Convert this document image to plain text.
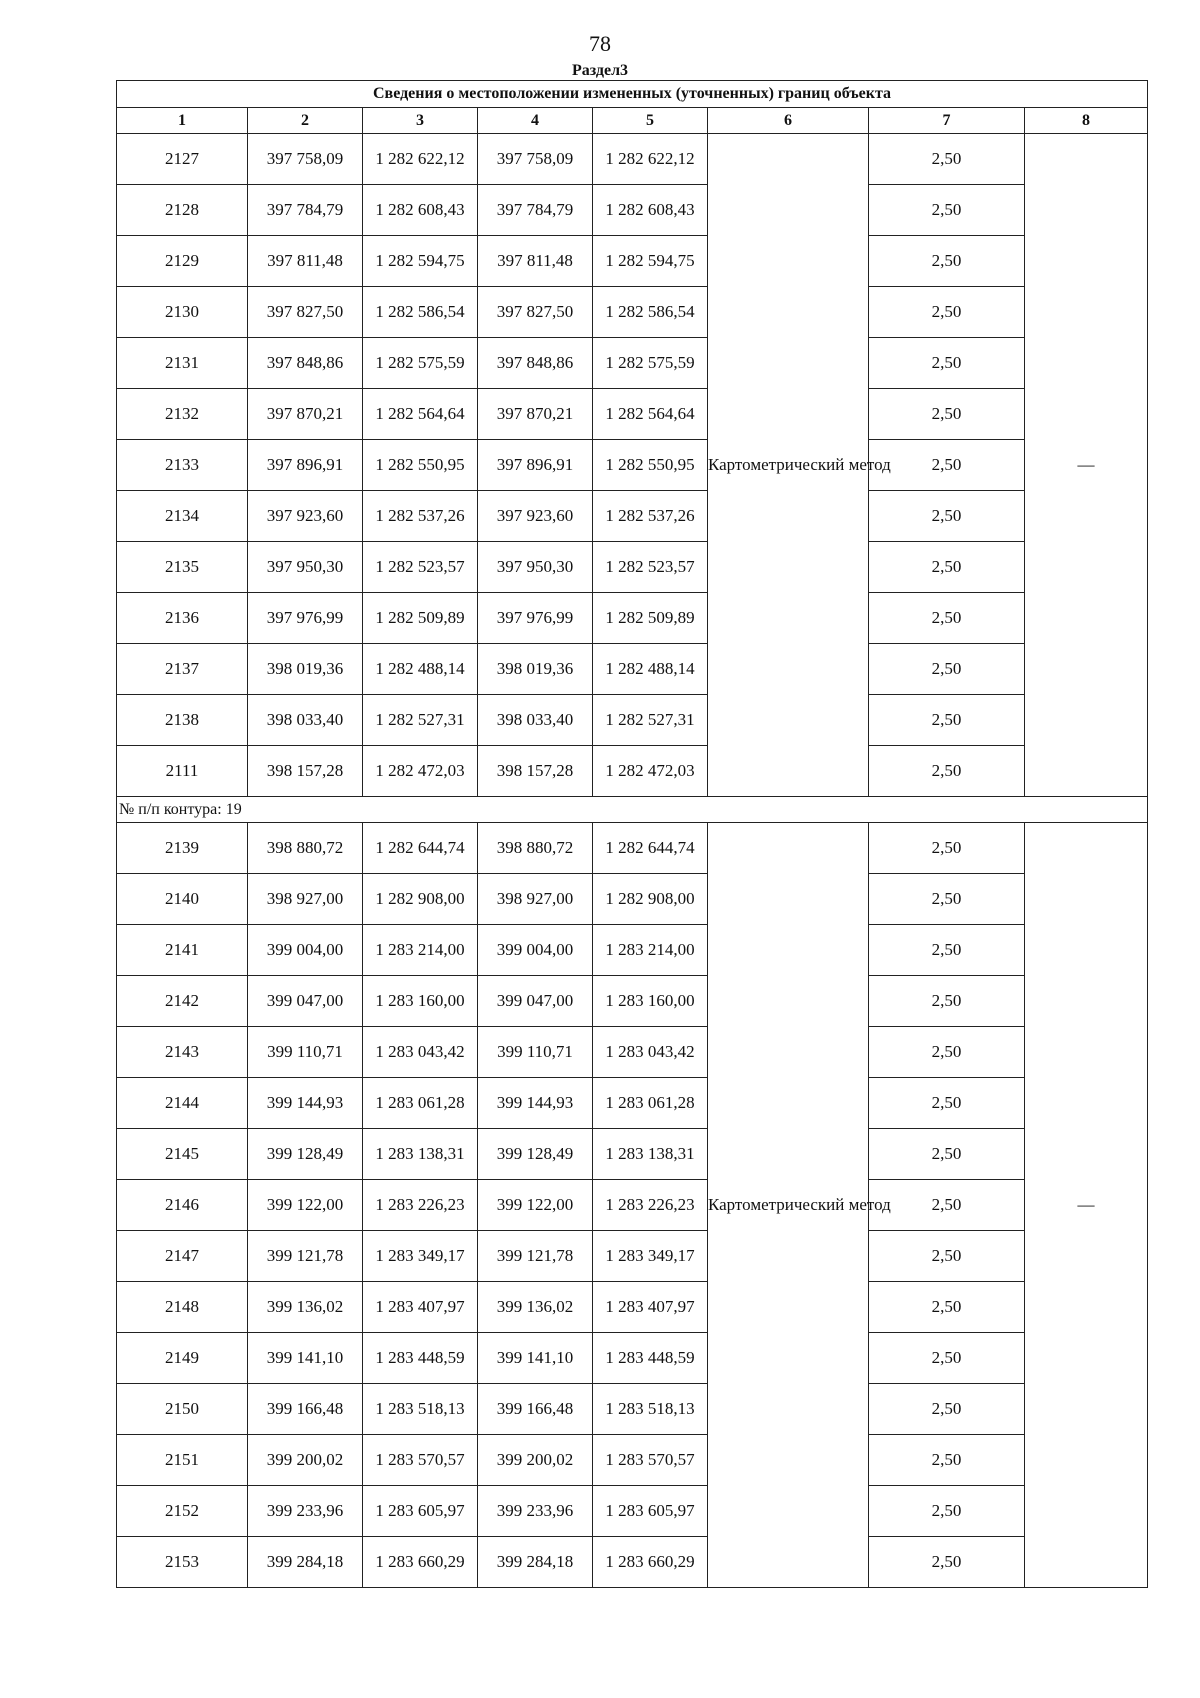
78
Раздел3
Сведения о местоположении измененных (уточненных) границ объекта							
1	2	3	4	5	6	7	8
2127	397 758,09	1 282 622,12	397 758,09	1 282 622,12	Картометрический метод	2,50	—
2128	397 784,79	1 282 608,43	397 784,79	1 282 608,43		2,50	
2129	397 811,48	1 282 594,75	397 811,48	1 282 594,75		2,50	
2130	397 827,50	1 282 586,54	397 827,50	1 282 586,54		2,50	
2131	397 848,86	1 282 575,59	397 848,86	1 282 575,59		2,50	
2132	397 870,21	1 282 564,64	397 870,21	1 282 564,64		2,50	
2133	397 896,91	1 282 550,95	397 896,91	1 282 550,95		2,50	
2134	397 923,60	1 282 537,26	397 923,60	1 282 537,26		2,50	
2135	397 950,30	1 282 523,57	397 950,30	1 282 523,57		2,50	
2136	397 976,99	1 282 509,89	397 976,99	1 282 509,89		2,50	
2137	398 019,36	1 282 488,14	398 019,36	1 282 488,14		2,50	
2138	398 033,40	1 282 527,31	398 033,40	1 282 527,31		2,50	
2111	398 157,28	1 282 472,03	398 157,28	1 282 472,03		2,50	
№ п/п контура: 19							
2139	398 880,72	1 282 644,74	398 880,72	1 282 644,74	Картометрический метод	2,50	—
2140	398 927,00	1 282 908,00	398 927,00	1 282 908,00		2,50	
2141	399 004,00	1 283 214,00	399 004,00	1 283 214,00		2,50	
2142	399 047,00	1 283 160,00	399 047,00	1 283 160,00		2,50	
2143	399 110,71	1 283 043,42	399 110,71	1 283 043,42		2,50	
2144	399 144,93	1 283 061,28	399 144,93	1 283 061,28		2,50	
2145	399 128,49	1 283 138,31	399 128,49	1 283 138,31		2,50	
2146	399 122,00	1 283 226,23	399 122,00	1 283 226,23		2,50	
2147	399 121,78	1 283 349,17	399 121,78	1 283 349,17		2,50	
2148	399 136,02	1 283 407,97	399 136,02	1 283 407,97		2,50	
2149	399 141,10	1 283 448,59	399 141,10	1 283 448,59		2,50	
2150	399 166,48	1 283 518,13	399 166,48	1 283 518,13		2,50	
2151	399 200,02	1 283 570,57	399 200,02	1 283 570,57		2,50	
2152	399 233,96	1 283 605,97	399 233,96	1 283 605,97		2,50	
2153	399 284,18	1 283 660,29	399 284,18	1 283 660,29		2,50	
